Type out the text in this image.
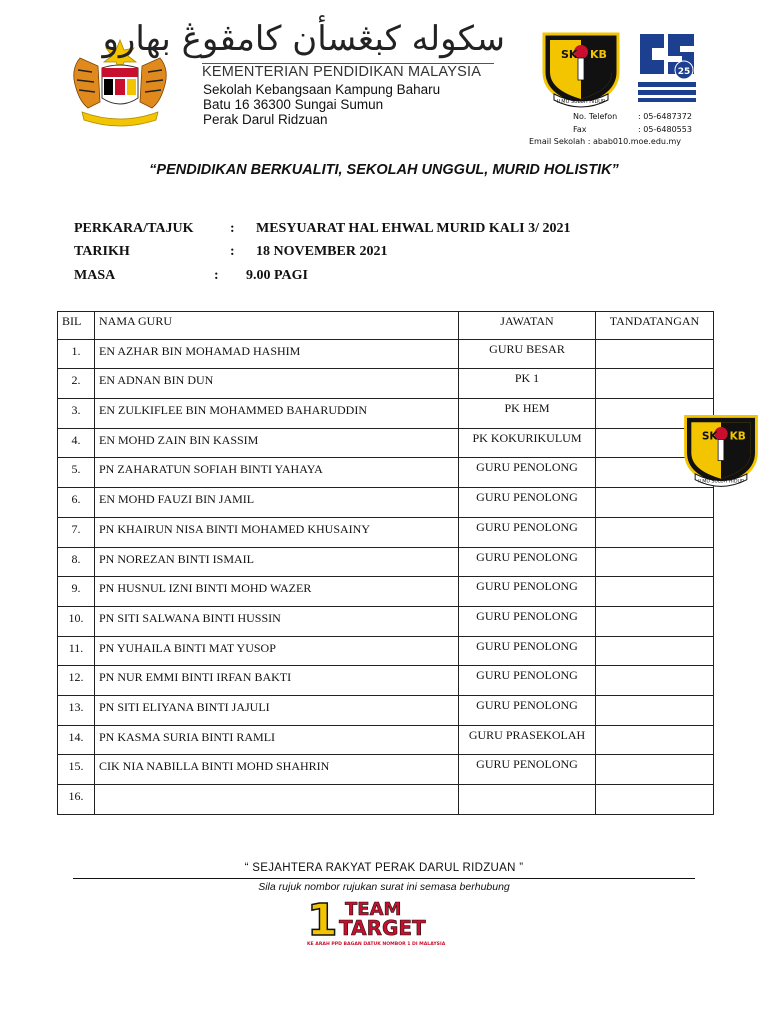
سکوله کبڠسأن کامڤوڠ بهارو
KEMENTERIAN PENDIDIKAN MALAYSIA
Sekolah Kebangsaan Kampung Baharu
Batu 16 36300 Sungai Sumun
Perak Darul Ridzuan
SK KB
ILMU SULUH HIDUP
25
No. Telefon	: 05-6487372
Fax	: 05-6480553
Email Sekolah : abab010.moe.edu.my
“PENDIDIKAN BERKUALITI, SEKOLAH UNGGUL, MURID HOLISTIK”
PERKARA/TAJUK	: MESYUARAT HAL EHWAL MURID KALI 3/ 2021
TARIKH	: 18 NOVEMBER 2021
MASA	: 9.00 PAGI
BIL	NAMA GURU	JAWATAN	TANDATANGAN
1.	EN AZHAR BIN MOHAMAD HASHIM	GURU BESAR	
2.	EN ADNAN BIN DUN	PK 1	
3.	EN ZULKIFLEE BIN MOHAMMED BAHARUDDIN	PK HEM	
4.	EN MOHD ZAIN BIN KASSIM	PK KOKURIKULUM	
5.	PN ZAHARATUN SOFIAH BINTI YAHAYA	GURU PENOLONG	
6.	EN MOHD FAUZI BIN JAMIL	GURU PENOLONG	
7.	PN KHAIRUN NISA BINTI MOHAMED KHUSAINY	GURU PENOLONG	
8.	PN NOREZAN BINTI ISMAIL	GURU PENOLONG	
9.	PN HUSNUL IZNI BINTI MOHD WAZER	GURU PENOLONG	
10.	PN SITI SALWANA BINTI HUSSIN	GURU PENOLONG	
11.	PN YUHAILA BINTI MAT YUSOP	GURU PENOLONG	
12.	PN NUR EMMI BINTI IRFAN BAKTI	GURU PENOLONG	
13.	PN SITI ELIYANA BINTI JAJULI	GURU PENOLONG	
14.	PN KASMA SURIA BINTI RAMLI	GURU PRASEKOLAH	
15.	CIK NIA NABILLA BINTI MOHD SHAHRIN	GURU PENOLONG	
16.			
SK KB
ILMU SULUH HIDUP
“ SEJAHTERA RAKYAT PERAK DARUL RIDZUAN ”
Sila rujuk nombor rujukan surat ini semasa berhubung
1 TEAM
TARGET
KE ARAH PPD BAGAN DATUK NOMBOR 1 DI MALAYSIA
